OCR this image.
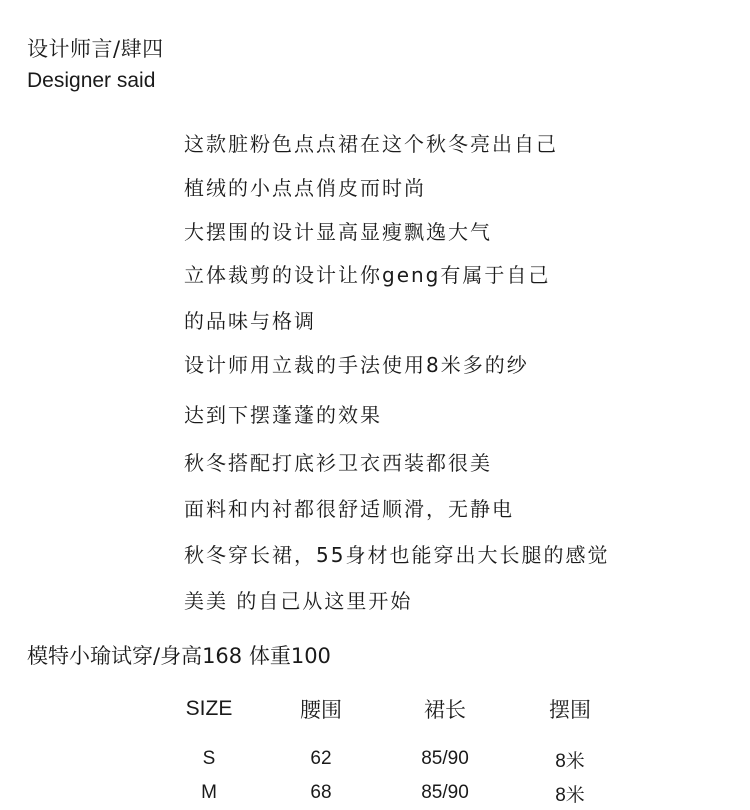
设计师言/肆四
Designer said
这款脏粉色点点裙在这个秋冬亮出自己
植绒的小点点俏皮而时尚
大摆围的设计显高显瘦飘逸大气
立体裁剪的设计让你geng有属于自己
的品味与格调
设计师用立裁的手法使用8米多的纱
达到下摆蓬蓬的效果
秋冬搭配打底衫卫衣西装都很美
面料和内衬都很舒适顺滑，无静电
秋冬穿长裙，55身材也能穿出大长腿的感觉
美美 的自己从这里开始
模特小瑜试穿/身高168 体重100
SIZE	腰围	裙长	摆围
S	62	85/90	8米
M	68	85/90	8米
